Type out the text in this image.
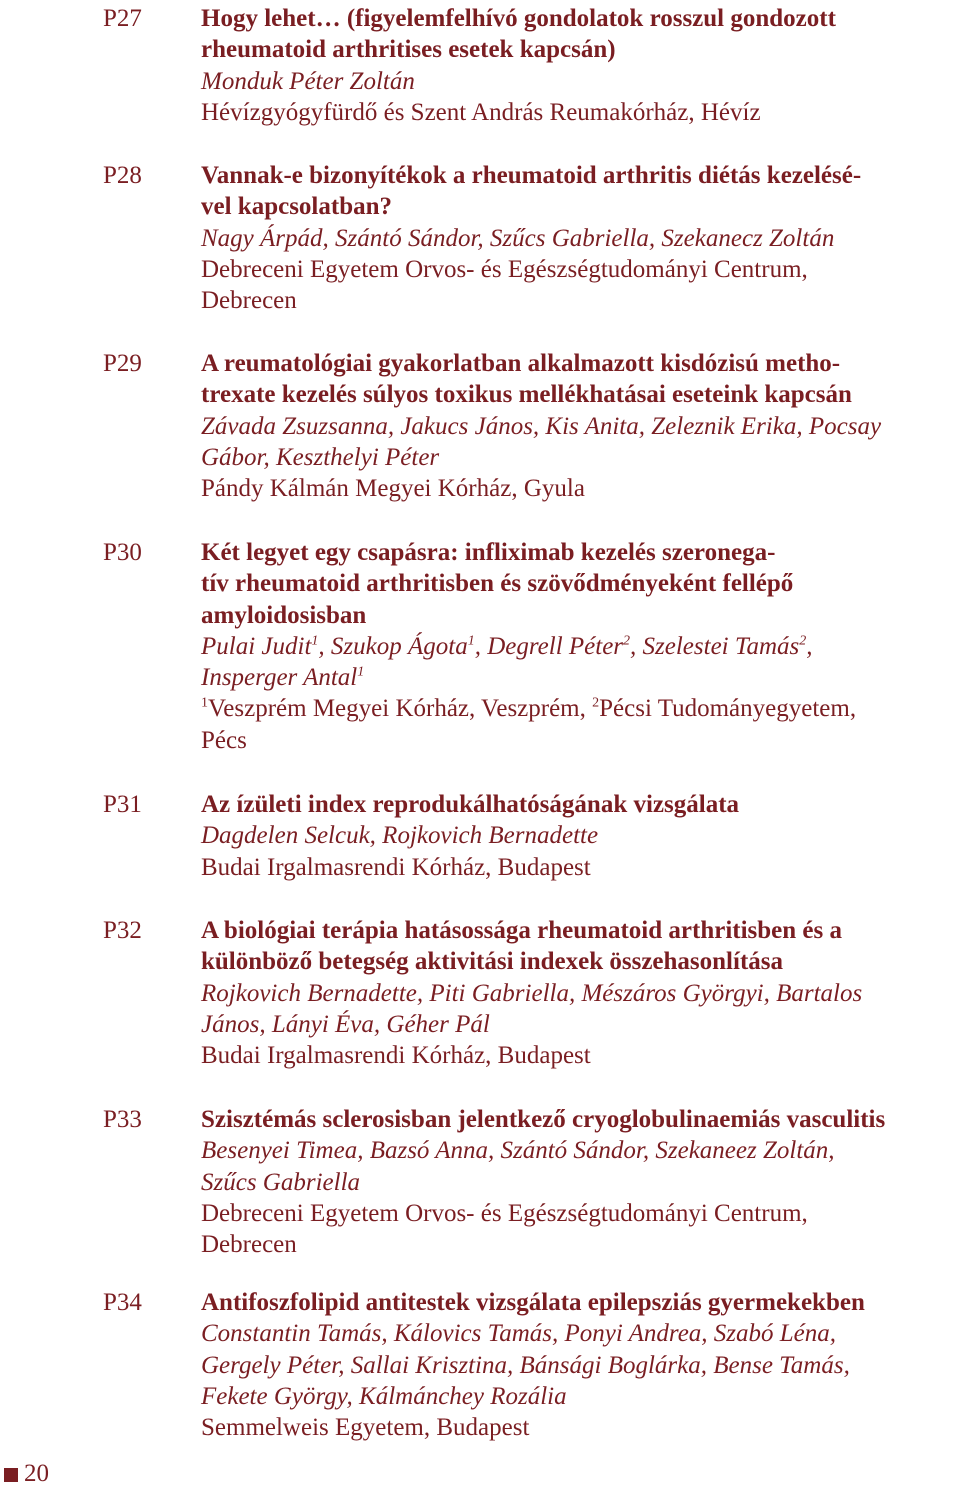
P27 Hogy lehet… (figyelemfelhívó gondolatok rosszul gondozott
rheumatoid arthritises esetek kapcsán)
Monduk Péter Zoltán
Hévízgyógyfürdő és Szent András Reumakórház, Hévíz
P28 Vannak-e bizonyítékok a rheumatoid arthritis diétás kezelésé-
vel kapcsolatban?
Nagy Árpád, Szántó Sándor, Szűcs Gabriella, Szekanecz Zoltán
Debreceni Egyetem Orvos- és Egészségtudományi Centrum,
Debrecen
P29 A reumatológiai gyakorlatban alkalmazott kisdózisú metho-
trexate kezelés súlyos toxikus mellékhatásai eseteink kapcsán
Závada Zsuzsanna, Jakucs János, Kis Anita, Zeleznik Erika, Pocsay
Gábor, Keszthelyi Péter
Pándy Kálmán Megyei Kórház, Gyula
P30 Két legyet egy csapásra: infliximab kezelés szeronega-
tív rheumatoid arthritisben és szövődményeként fellépő
amyloidosisban
Pulai Judit$^1$, Szukop Ágota$^1$, Degrell Péter$^2$, Szelestei Tamás$^2$,
Insperger Antal$^1$
$^1$Veszprém Megyei Kórház, Veszprém, $^2$Pécsi Tudományegyetem,
Pécs
P31 Az ízületi index reprodukálhatóságának vizsgálata
Dagdelen Selcuk, Rojkovich Bernadette
Budai Irgalmasrendi Kórház, Budapest
P32 A biológiai terápia hatásossága rheumatoid arthritisben és a
különböző betegség aktivitási indexek összehasonlítása
Rojkovich Bernadette, Piti Gabriella, Mészáros Györgyi, Bartalos
János, Lányi Éva, Géher Pál
Budai Irgalmasrendi Kórház, Budapest
P33 Szisztémás sclerosisban jelentkező cryoglobulinaemiás vasculitis
Besenyei Timea, Bazsó Anna, Szántó Sándor, Szekaneez Zoltán,
Szűcs Gabriella
Debreceni Egyetem Orvos- és Egészségtudományi Centrum,
Debrecen
P34 Antifoszfolipid antitestek vizsgálata epilepsziás gyermekekben
Constantin Tamás, Kálovics Tamás, Ponyi Andrea, Szabó Léna,
Gergely Péter, Sallai Krisztina, Bánsági Boglárka, Bense Tamás,
Fekete György, Kálmánchey Rozália
Semmelweis Egyetem, Budapest
20
